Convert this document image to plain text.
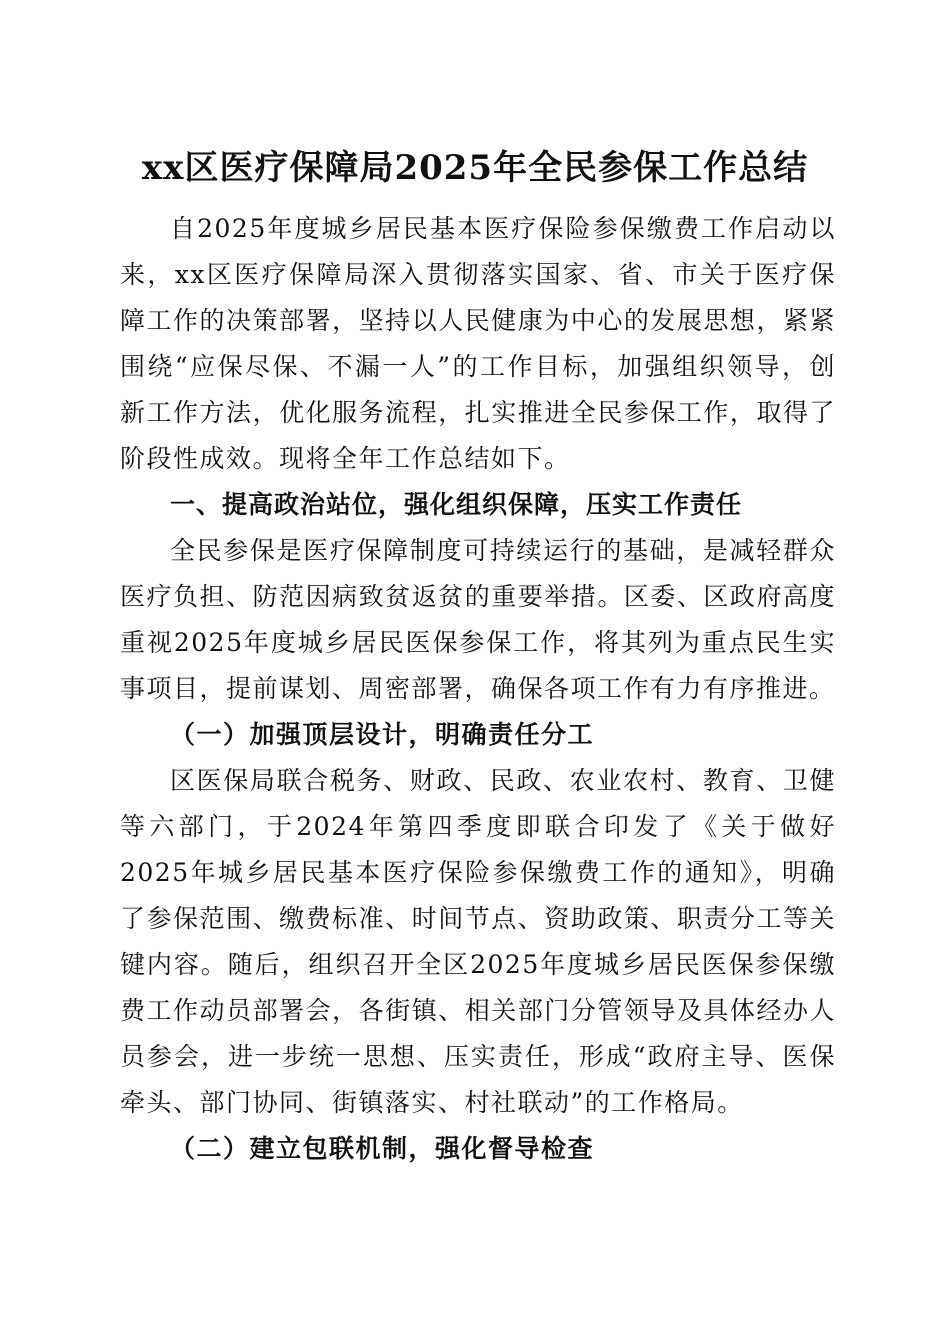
xx区医疗保障局2025年全民参保工作总结

自2025年度城乡居民基本医疗保险参保缴费工作启动以来，xx区医疗保障局深入贯彻落实国家、省、市关于医疗保障工作的决策部署，坚持以人民健康为中心的发展思想，紧紧围绕“应保尽保、不漏一人”的工作目标，加强组织领导，创新工作方法，优化服务流程，扎实推进全民参保工作，取得了阶段性成效。现将全年工作总结如下。

一、提高政治站位，强化组织保障，压实工作责任

全民参保是医疗保障制度可持续运行的基础，是减轻群众医疗负担、防范因病致贫返贫的重要举措。区委、区政府高度重视2025年度城乡居民医保参保工作，将其列为重点民生实事项目，提前谋划、周密部署，确保各项工作有力有序推进。

（一）加强顶层设计，明确责任分工

区医保局联合税务、财政、民政、农业农村、教育、卫健等六部门，于2024年第四季度即联合印发了《关于做好2025年城乡居民基本医疗保险参保缴费工作的通知》，明确了参保范围、缴费标准、时间节点、资助政策、职责分工等关键内容。随后，组织召开全区2025年度城乡居民医保参保缴费工作动员部署会，各街镇、相关部门分管领导及具体经办人员参会，进一步统一思想、压实责任，形成“政府主导、医保牵头、部门协同、街镇落实、村社联动”的工作格局。

（二）建立包联机制，强化督导检查
